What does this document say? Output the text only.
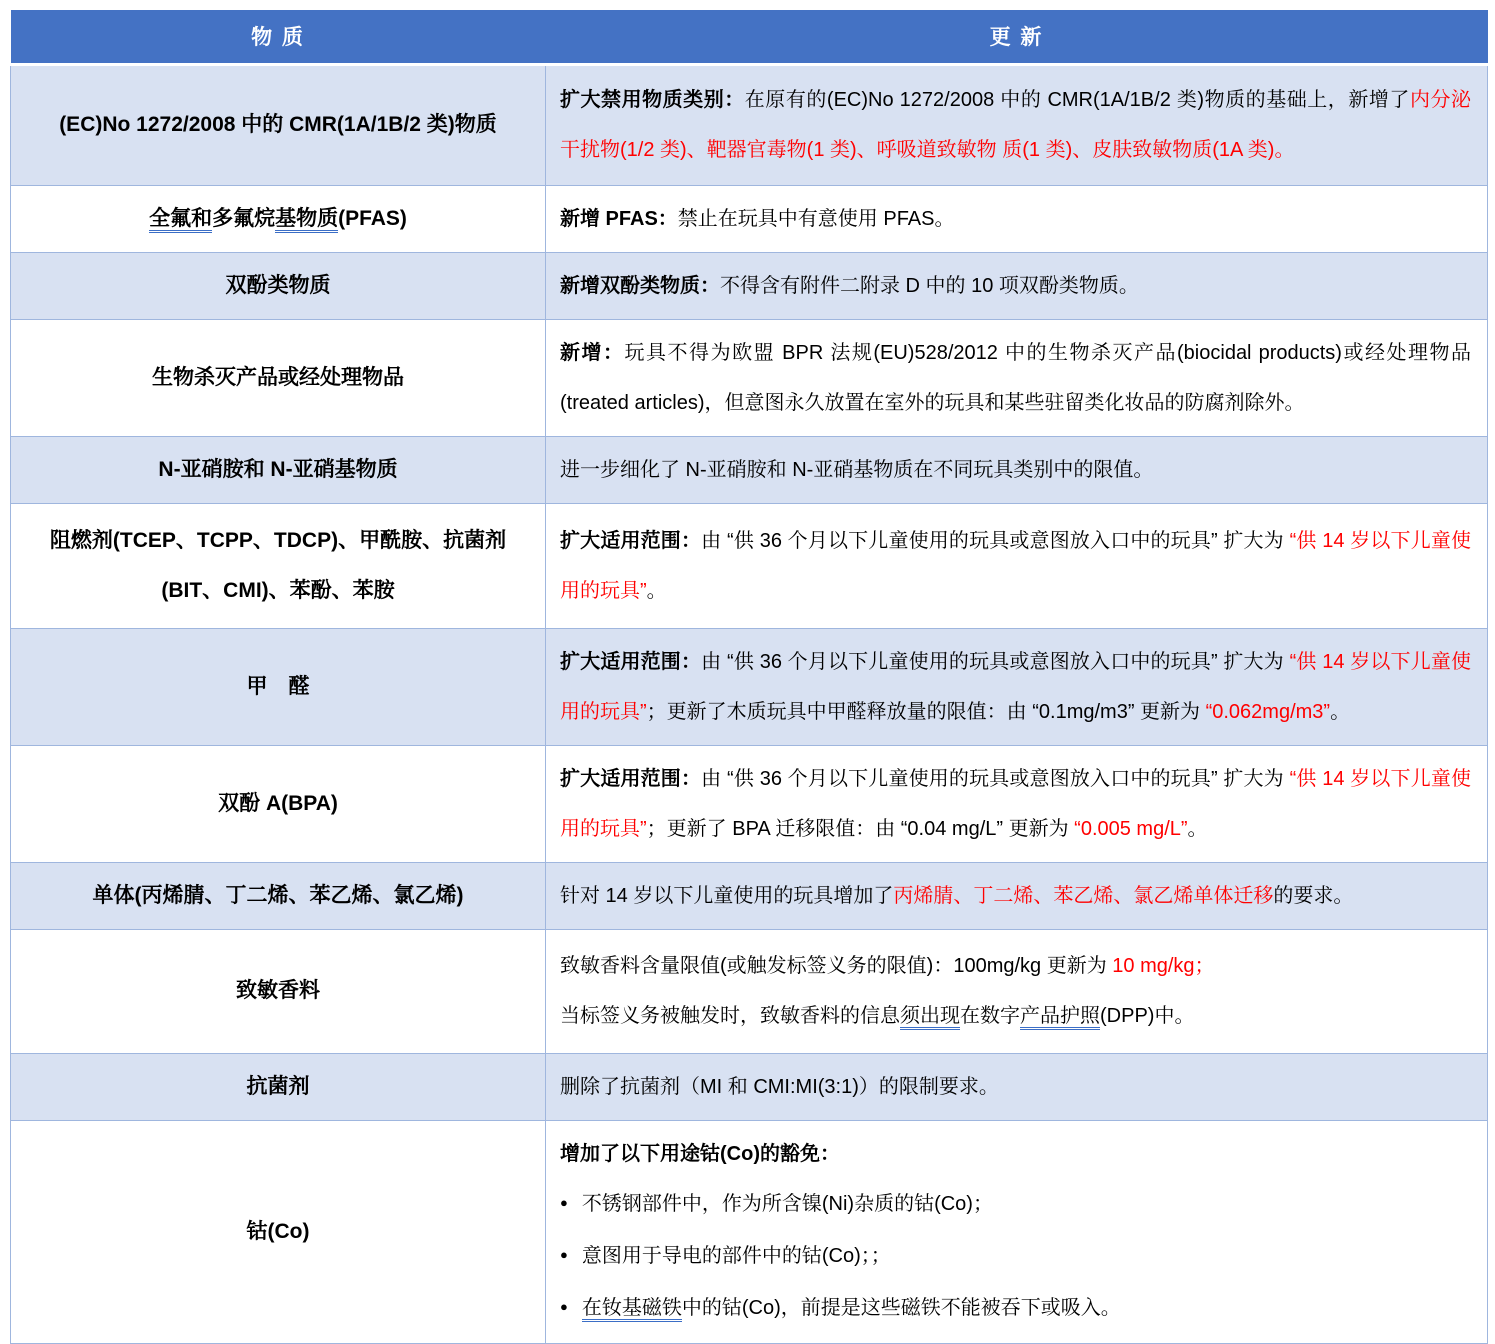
物 质	更 新
(EC)No 1272/2008 中的 CMR(1A/1B/2 类)物质	扩大禁用物质类别：在原有的(EC)No 1272/2008 中的 CMR(1A/1B/2 类)物质的基础上，新增了内分泌干扰物(1/2 类)、靶器官毒物(1 类)、呼吸道致敏物 质(1 类)、皮肤致敏物质(1A 类)。

全氟和多氟烷基物质(PFAS)	新增 PFAS：禁止在玩具中有意使用 PFAS。

双酚类物质	新增双酚类物质：不得含有附件二附录 D 中的 10 项双酚类物质。

生物杀灭产品或经处理物品	新增：玩具不得为欧盟 BPR 法规(EU)528/2012 中的生物杀灭产品(biocidal products)或经处理物品 (treated articles)，但意图永久放置在室外的玩具和某些驻留类化妆品的防腐剂除外。

N-亚硝胺和 N-亚硝基物质	进一步细化了 N-亚硝胺和 N-亚硝基物质在不同玩具类别中的限值。

阻燃剂(TCEP、TCPP、TDCP)、甲酰胺、抗菌剂(BIT、CMI)、苯酚、苯胺	扩大适用范围：由 “供 36 个月以下儿童使用的玩具或意图放入口中的玩具” 扩大为 “供 14 岁以下儿童使用的玩具”。

甲　醛	扩大适用范围：由 “供 36 个月以下儿童使用的玩具或意图放入口中的玩具” 扩大为 “供 14 岁以下儿童使用的玩具”；更新了木质玩具中甲醛释放量的限值：由 “0.1mg/m3” 更新为 “0.062mg/m3”。

双酚 A(BPA)	扩大适用范围：由 “供 36 个月以下儿童使用的玩具或意图放入口中的玩具” 扩大为 “供 14 岁以下儿童使用的玩具”；更新了 BPA 迁移限值：由 “0.04 mg/L” 更新为 “0.005 mg/L”。

单体(丙烯腈、丁二烯、苯乙烯、氯乙烯)	针对 14 岁以下儿童使用的玩具增加了丙烯腈、丁二烯、苯乙烯、氯乙烯单体迁移的要求。

致敏香料	致敏香料含量限值(或触发标签义务的限值)：100mg/kg 更新为 10 mg/kg；

当标签义务被触发时，致敏香料的信息须出现在数字产品护照(DPP)中。

抗菌剂	删除了抗菌剂（MI 和 CMI:MI(3:1)）的限制要求。

钴(Co)	增加了以下用途钴(Co)的豁免：

● 不锈钢部件中，作为所含镍(Ni)杂质的钴(Co)；

● 意图用于导电的部件中的钴(Co)；；

● 在钕基磁铁中的钴(Co)，前提是这些磁铁不能被吞下或吸入。
